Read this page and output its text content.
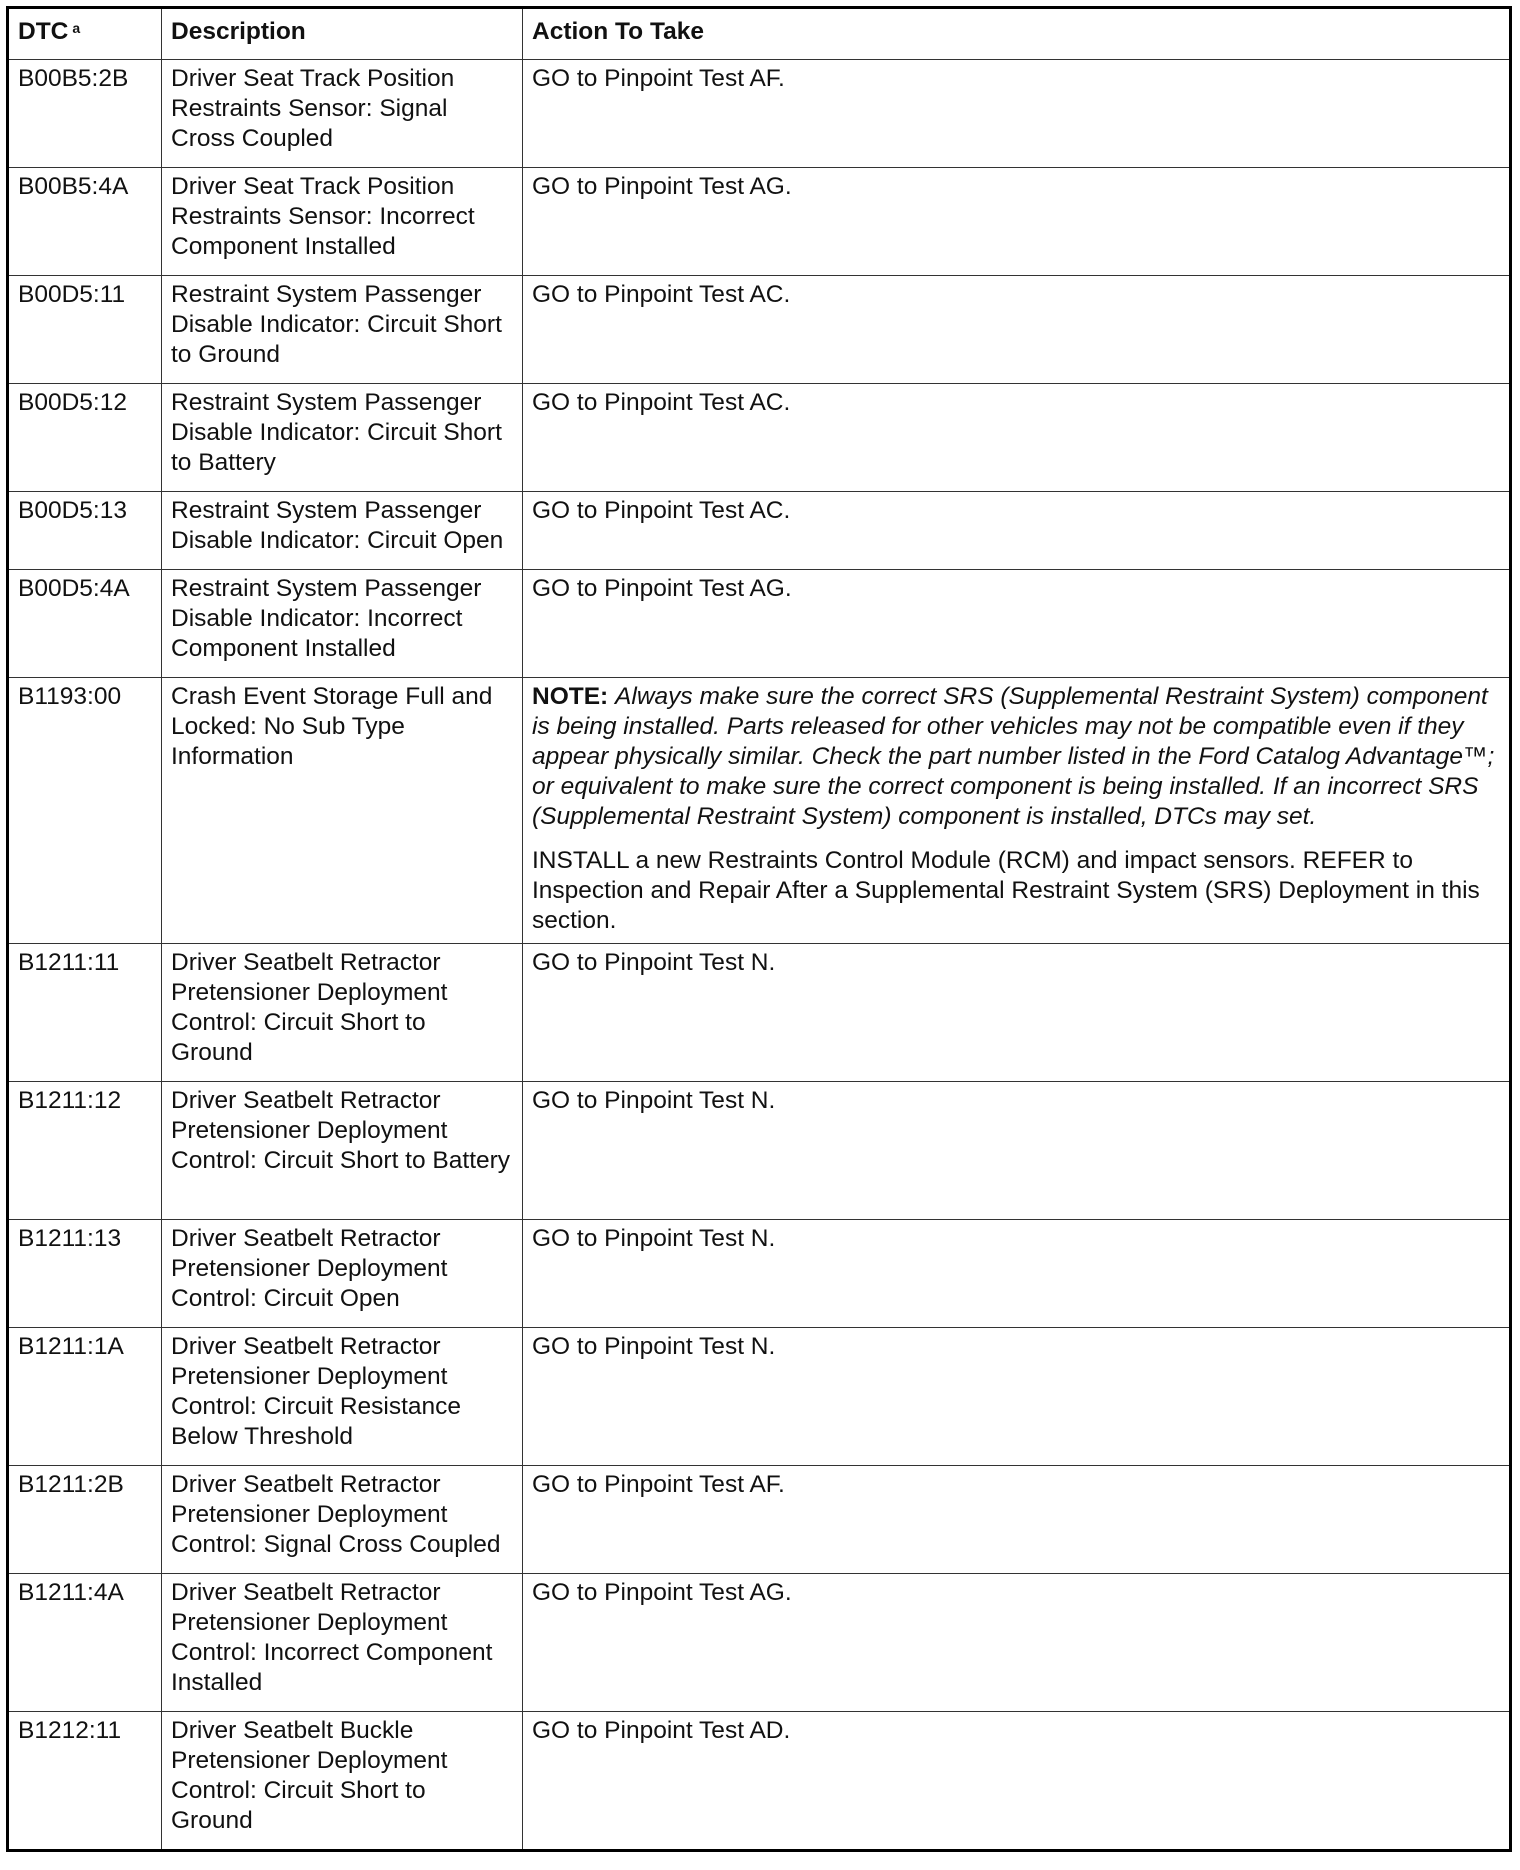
DTC $^a$	Description	Action To Take
B00B5:2B	Driver Seat Track Position Restraints Sensor: Signal Cross Coupled	GO to Pinpoint Test AF.
B00B5:4A	Driver Seat Track Position Restraints Sensor: Incorrect Component Installed	GO to Pinpoint Test AG.
B00D5:11	Restraint System Passenger Disable Indicator: Circuit Short to Ground	GO to Pinpoint Test AC.
B00D5:12	Restraint System Passenger Disable Indicator: Circuit Short to Battery	GO to Pinpoint Test AC.
B00D5:13	Restraint System Passenger Disable Indicator: Circuit Open	GO to Pinpoint Test AC.
B00D5:4A	Restraint System Passenger Disable Indicator: Incorrect Component Installed	GO to Pinpoint Test AG.
B1193:00	Crash Event Storage Full and Locked: No Sub Type Information	NOTE: Always make sure the correct SRS (Supplemental Restraint System) component is being installed. Parts released for other vehicles may not be compatible even if they appear physically similar. Check the part number listed in the Ford Catalog Advantage™; or equivalent to make sure the correct component is being installed. If an incorrect SRS (Supplemental Restraint System) component is installed, DTCs may set.
INSTALL a new Restraints Control Module (RCM) and impact sensors. REFER to Inspection and Repair After a Supplemental Restraint System (SRS) Deployment in this section.

B1211:11	Driver Seatbelt Retractor Pretensioner Deployment Control: Circuit Short to Ground	GO to Pinpoint Test N.
B1211:12	Driver Seatbelt Retractor Pretensioner Deployment Control: Circuit Short to Battery	GO to Pinpoint Test N.
B1211:13	Driver Seatbelt Retractor Pretensioner Deployment Control: Circuit Open	GO to Pinpoint Test N.
B1211:1A	Driver Seatbelt Retractor Pretensioner Deployment Control: Circuit Resistance Below Threshold	GO to Pinpoint Test N.
B1211:2B	Driver Seatbelt Retractor Pretensioner Deployment Control: Signal Cross Coupled	GO to Pinpoint Test AF.
B1211:4A	Driver Seatbelt Retractor Pretensioner Deployment Control: Incorrect Component Installed	GO to Pinpoint Test AG.
B1212:11	Driver Seatbelt Buckle Pretensioner Deployment Control: Circuit Short to Ground	GO to Pinpoint Test AD.
